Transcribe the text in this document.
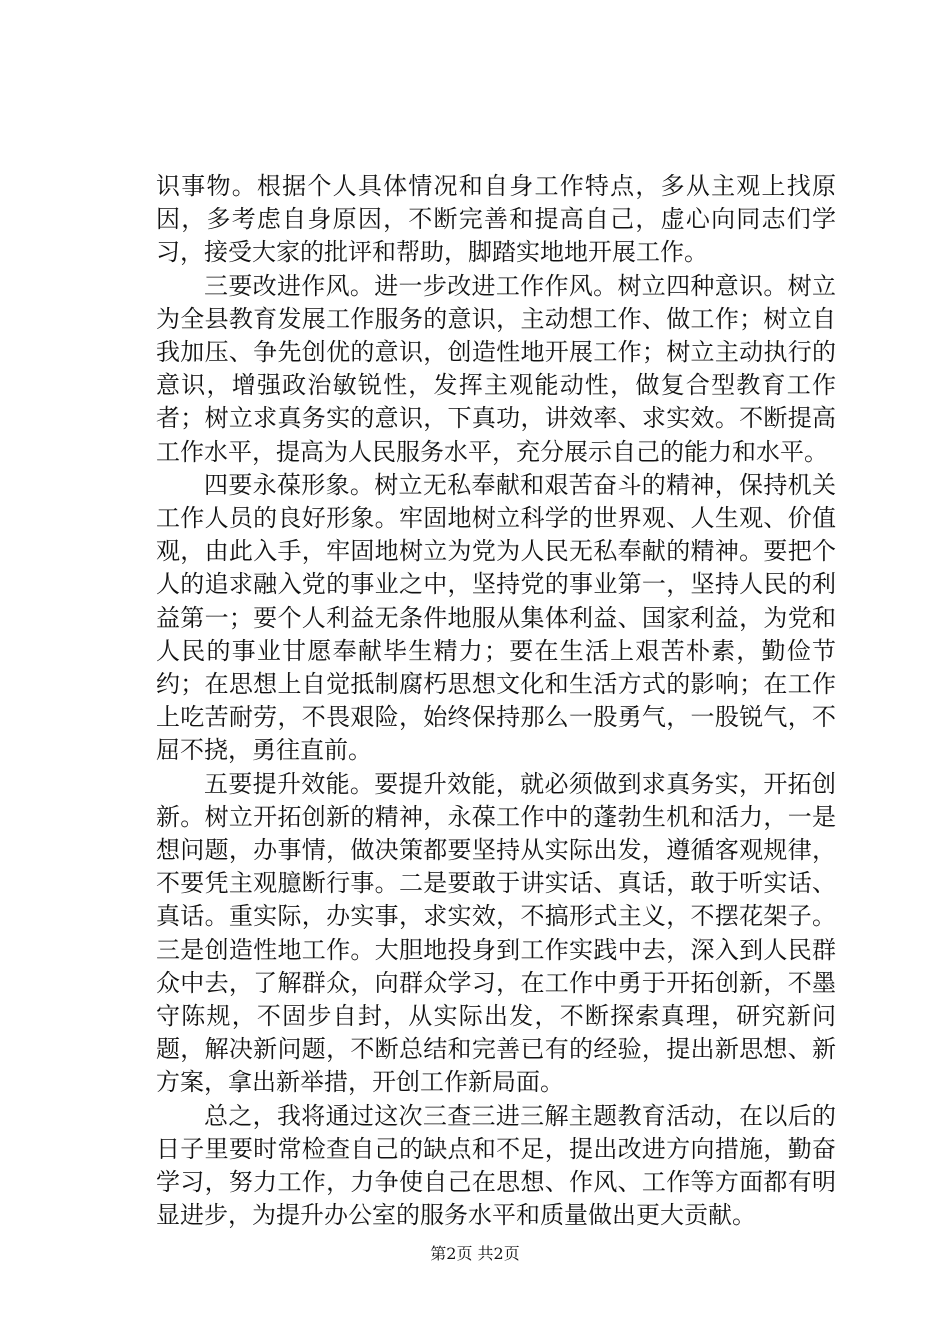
识事物。根据个人具体情况和自身工作特点，多从主观上找原因，多考虑自身原因，不断完善和提高自己，虚心向同志们学习，接受大家的批评和帮助，脚踏实地地开展工作。

三要改进作风。进一步改进工作作风。树立四种意识。树立为全县教育发展工作服务的意识，主动想工作、做工作；树立自我加压、争先创优的意识，创造性地开展工作；树立主动执行的意识，增强政治敏锐性，发挥主观能动性，做复合型教育工作者；树立求真务实的意识，下真功，讲效率、求实效。不断提高工作水平，提高为人民服务水平，充分展示自己的能力和水平。

四要永葆形象。树立无私奉献和艰苦奋斗的精神，保持机关工作人员的良好形象。牢固地树立科学的世界观、人生观、价值观，由此入手，牢固地树立为党为人民无私奉献的精神。要把个人的追求融入党的事业之中，坚持党的事业第一，坚持人民的利益第一；要个人利益无条件地服从集体利益、国家利益，为党和人民的事业甘愿奉献毕生精力；要在生活上艰苦朴素，勤俭节约；在思想上自觉抵制腐朽思想文化和生活方式的影响；在工作上吃苦耐劳，不畏艰险，始终保持那么一股勇气，一股锐气，不屈不挠，勇往直前。

五要提升效能。要提升效能，就必须做到求真务实，开拓创新。树立开拓创新的精神，永葆工作中的蓬勃生机和活力，一是想问题，办事情，做决策都要坚持从实际出发，遵循客观规律，不要凭主观臆断行事。二是要敢于讲实话、真话，敢于听实话、真话。重实际，办实事，求实效，不搞形式主义，不摆花架子。三是创造性地工作。大胆地投身到工作实践中去，深入到人民群众中去，了解群众，向群众学习，在工作中勇于开拓创新，不墨守陈规，不固步自封，从实际出发，不断探索真理，研究新问题，解决新问题，不断总结和完善已有的经验，提出新思想、新方案，拿出新举措，开创工作新局面。

总之，我将通过这次三查三进三解主题教育活动，在以后的日子里要时常检查自己的缺点和不足，提出改进方向措施，勤奋学习，努力工作，力争使自己在思想、作风、工作等方面都有明显进步，为提升办公室的服务水平和质量做出更大贡献。

第2页 共2页
